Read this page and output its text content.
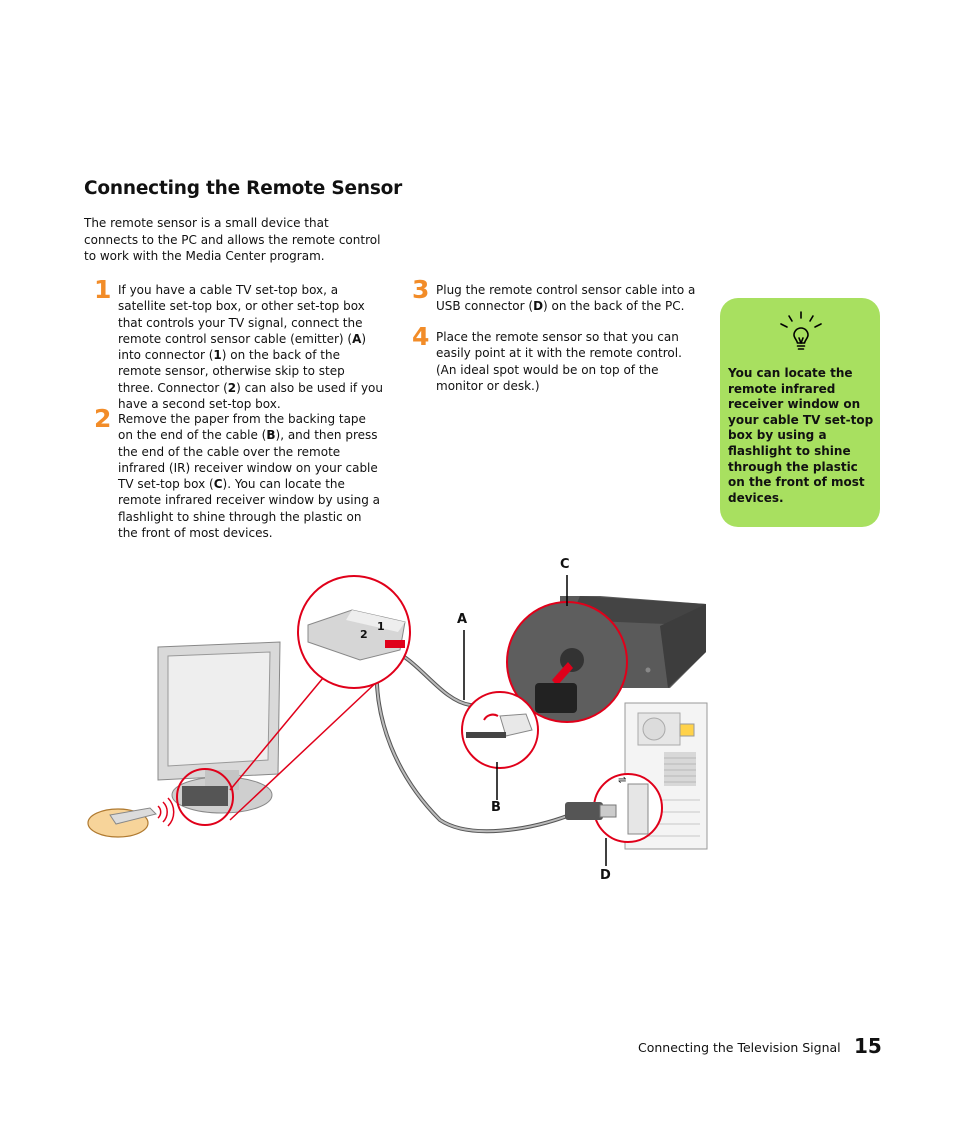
Connecting the Remote Sensor
The remote sensor is a small device that connects to the PC and allows the remote control to work with the Media Center program.
1 If you have a cable TV set-top box, a satellite set-top box, or other set-top box that controls your TV signal, connect the remote control sensor cable (emitter) (A) into connector (1) on the back of the remote sensor, otherwise skip to step three. Connector (2) can also be used if you have a second set-top box.
2 Remove the paper from the backing tape on the end of the cable (B), and then press the end of the cable over the remote infrared (IR) receiver window on your cable TV set-top box (C). You can locate the remote infrared receiver window by using a flashlight to shine through the plastic on the front of most devices.
3 Plug the remote control sensor cable into a USB connector (D) on the back of the PC.
4 Place the remote sensor so that you can easily point at it with the remote control. (An ideal spot would be on top of the monitor or desk.)
You can locate the remote infrared receiver window on your cable TV set-top box by using a flashlight to shine through the plastic on the front of most devices.
⇌
C
A
B
D
1
2
Connecting the Television Signal 15
